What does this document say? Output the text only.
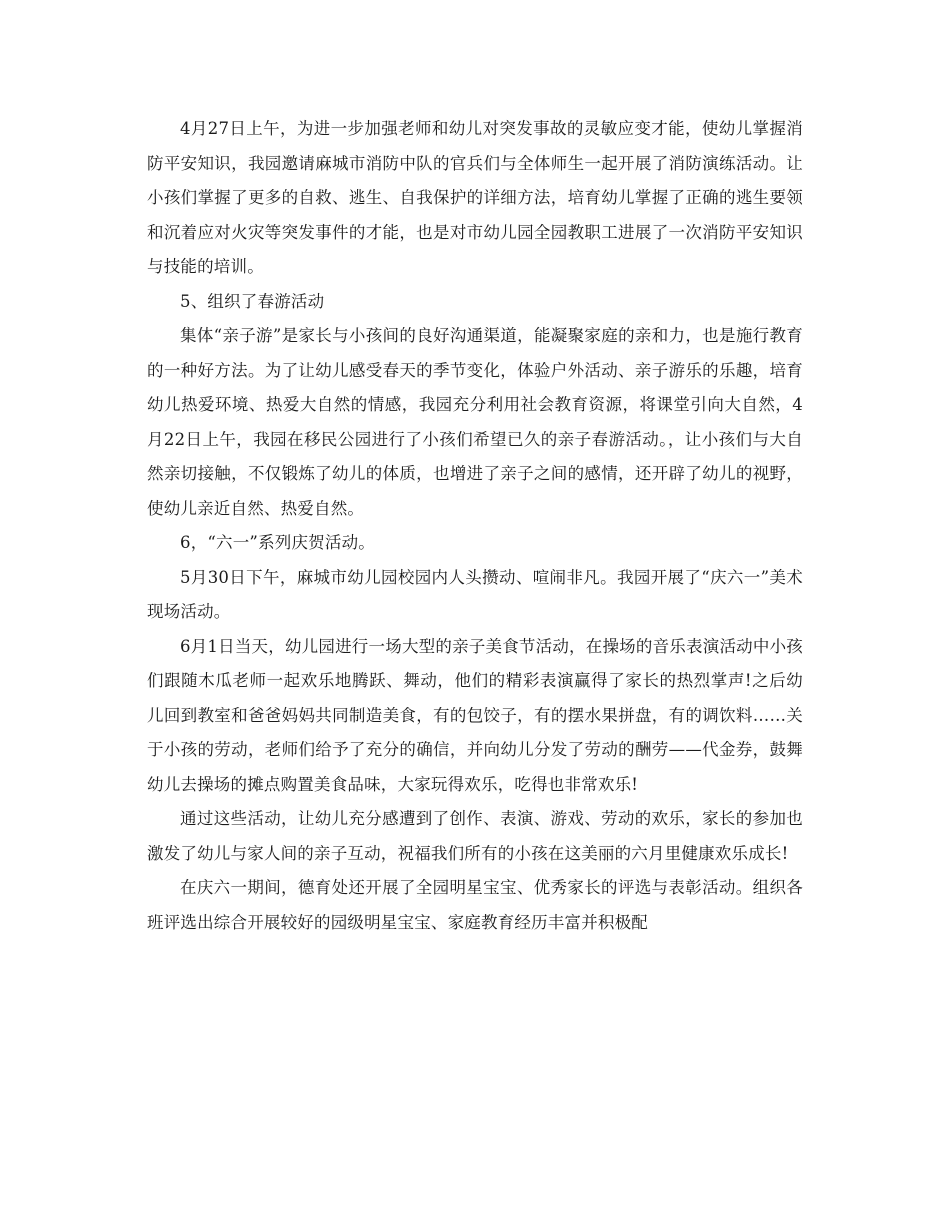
4月27日上午，为进一步加强老师和幼儿对突发事故的灵敏应变才能，使幼儿掌握消防平安知识，我园邀请麻城市消防中队的官兵们与全体师生一起开展了消防演练活动。让小孩们掌握了更多的自救、逃生、自我保护的详细方法，培育幼儿掌握了正确的逃生要领和沉着应对火灾等突发事件的才能，也是对市幼儿园全园教职工进展了一次消防平安知识与技能的培训。

5、组织了春游活动

集体“亲子游”是家长与小孩间的良好沟通渠道，能凝聚家庭的亲和力，也是施行教育的一种好方法。为了让幼儿感受春天的季节变化，体验户外活动、亲子游乐的乐趣，培育幼儿热爱环境、热爱大自然的情感，我园充分利用社会教育资源，将课堂引向大自然，4月22日上午，我园在移民公园进行了小孩们希望已久的亲子春游活动。，让小孩们与大自然亲切接触，不仅锻炼了幼儿的体质，也增进了亲子之间的感情，还开辟了幼儿的视野，使幼儿亲近自然、热爱自然。

6，“六一”系列庆贺活动。

5月30日下午，麻城市幼儿园校园内人头攒动、喧闹非凡。我园开展了“庆六一”美术现场活动。

6月1日当天，幼儿园进行一场大型的亲子美食节活动，在操场的音乐表演活动中小孩们跟随木瓜老师一起欢乐地腾跃、舞动，他们的精彩表演赢得了家长的热烈掌声!之后幼儿回到教室和爸爸妈妈共同制造美食，有的包饺子，有的摆水果拼盘，有的调饮料……关于小孩的劳动，老师们给予了充分的确信，并向幼儿分发了劳动的酬劳——代金券，鼓舞幼儿去操场的摊点购置美食品味，大家玩得欢乐，吃得也非常欢乐!

通过这些活动，让幼儿充分感遭到了创作、表演、游戏、劳动的欢乐，家长的参加也激发了幼儿与家人间的亲子互动，祝福我们所有的小孩在这美丽的六月里健康欢乐成长!

在庆六一期间，德育处还开展了全园明星宝宝、优秀家长的评选与表彰活动。组织各班评选出综合开展较好的园级明星宝宝、家庭教育经历丰富并积极配
